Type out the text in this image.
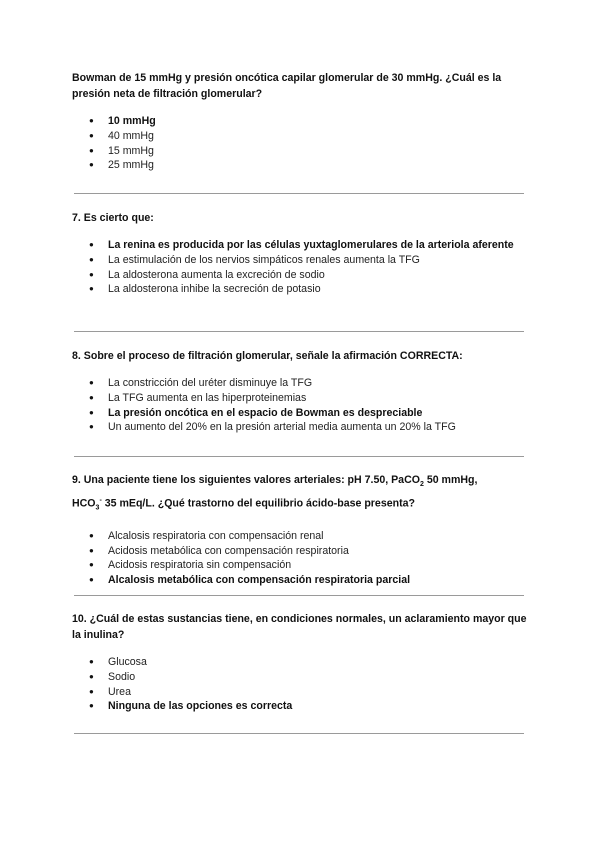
Bowman de 15 mmHg y presión oncótica capilar glomerular de 30 mmHg. ¿Cuál es la presión neta de filtración glomerular?

● 10 mmHg
● 40 mmHg
● 15 mmHg
● 25 mmHg

7. Es cierto que:

● La renina es producida por las células yuxtaglomerulares de la arteriola aferente
● La estimulación de los nervios simpáticos renales aumenta la TFG
● La aldosterona aumenta la excreción de sodio
● La aldosterona inhibe la secreción de potasio

8. Sobre el proceso de filtración glomerular, señale la afirmación CORRECTA:

● La constricción del uréter disminuye la TFG
● La TFG aumenta en las hiperproteinemias
● La presión oncótica en el espacio de Bowman es despreciable
● Un aumento del 20% en la presión arterial media aumenta un 20% la TFG

9. Una paciente tiene los siguientes valores arteriales: pH 7.50, PaCO$_2$ 50 mmHg,
$HCO_3^-$ 35 mEq/L. ¿Qué trastorno del equilibrio ácido-base presenta?

● Alcalosis respiratoria con compensación renal
● Acidosis metabólica con compensación respiratoria
● Acidosis respiratoria sin compensación
● Alcalosis metabólica con compensación respiratoria parcial

10. ¿Cuál de estas sustancias tiene, en condiciones normales, un aclaramiento mayor que la inulina?

● Glucosa
● Sodio
● Urea
● Ninguna de las opciones es correcta
